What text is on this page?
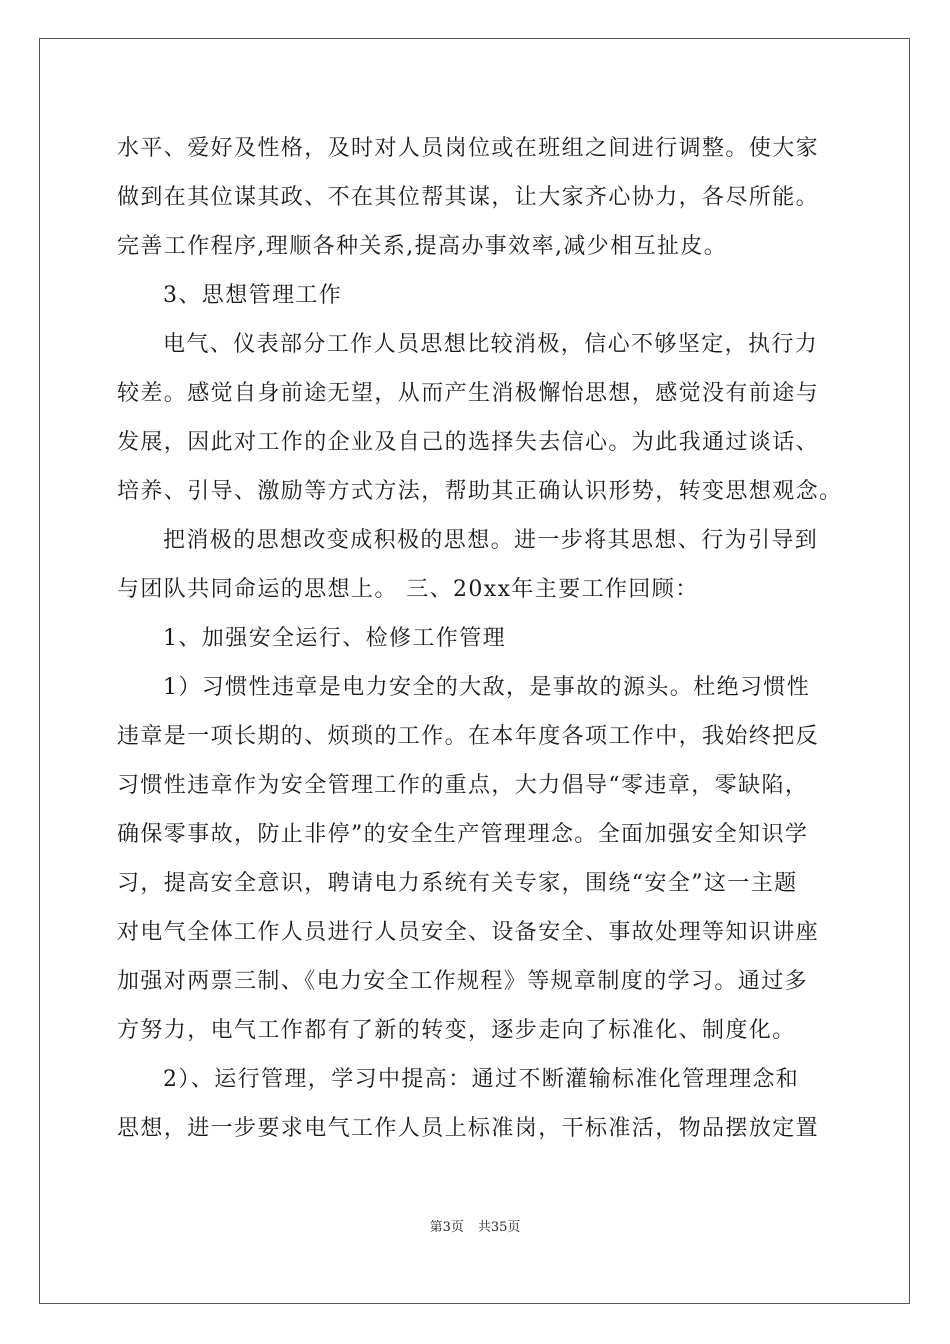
水平、爱好及性格，及时对人员岗位或在班组之间进行调整。使大家
做到在其位谋其政、不在其位帮其谋，让大家齐心协力，各尽所能。
完善工作程序,理顺各种关系,提高办事效率,减少相互扯皮。
3、思想管理工作
电气、仪表部分工作人员思想比较消极，信心不够坚定，执行力
较差。感觉自身前途无望，从而产生消极懈怡思想，感觉没有前途与
发展，因此对工作的企业及自己的选择失去信心。为此我通过谈话、
培养、引导、激励等方式方法，帮助其正确认识形势，转变思想观念。
把消极的思想改变成积极的思想。进一步将其思想、行为引导到
与团队共同命运的思想上。 三、20xx年主要工作回顾：
1、加强安全运行、检修工作管理
1）习惯性违章是电力安全的大敌，是事故的源头。杜绝习惯性
违章是一项长期的、烦琐的工作。在本年度各项工作中，我始终把反
习惯性违章作为安全管理工作的重点，大力倡导“零违章，零缺陷，
确保零事故，防止非停”的安全生产管理理念。全面加强安全知识学
习，提高安全意识，聘请电力系统有关专家，围绕“安全”这一主题
对电气全体工作人员进行人员安全、设备安全、事故处理等知识讲座
加强对两票三制、《电力安全工作规程》等规章制度的学习。通过多
方努力，电气工作都有了新的转变，逐步走向了标准化、制度化。
2）、运行管理，学习中提高：通过不断灌输标准化管理理念和
思想，进一步要求电气工作人员上标准岗，干标准活，物品摆放定置
第3页 共35页
